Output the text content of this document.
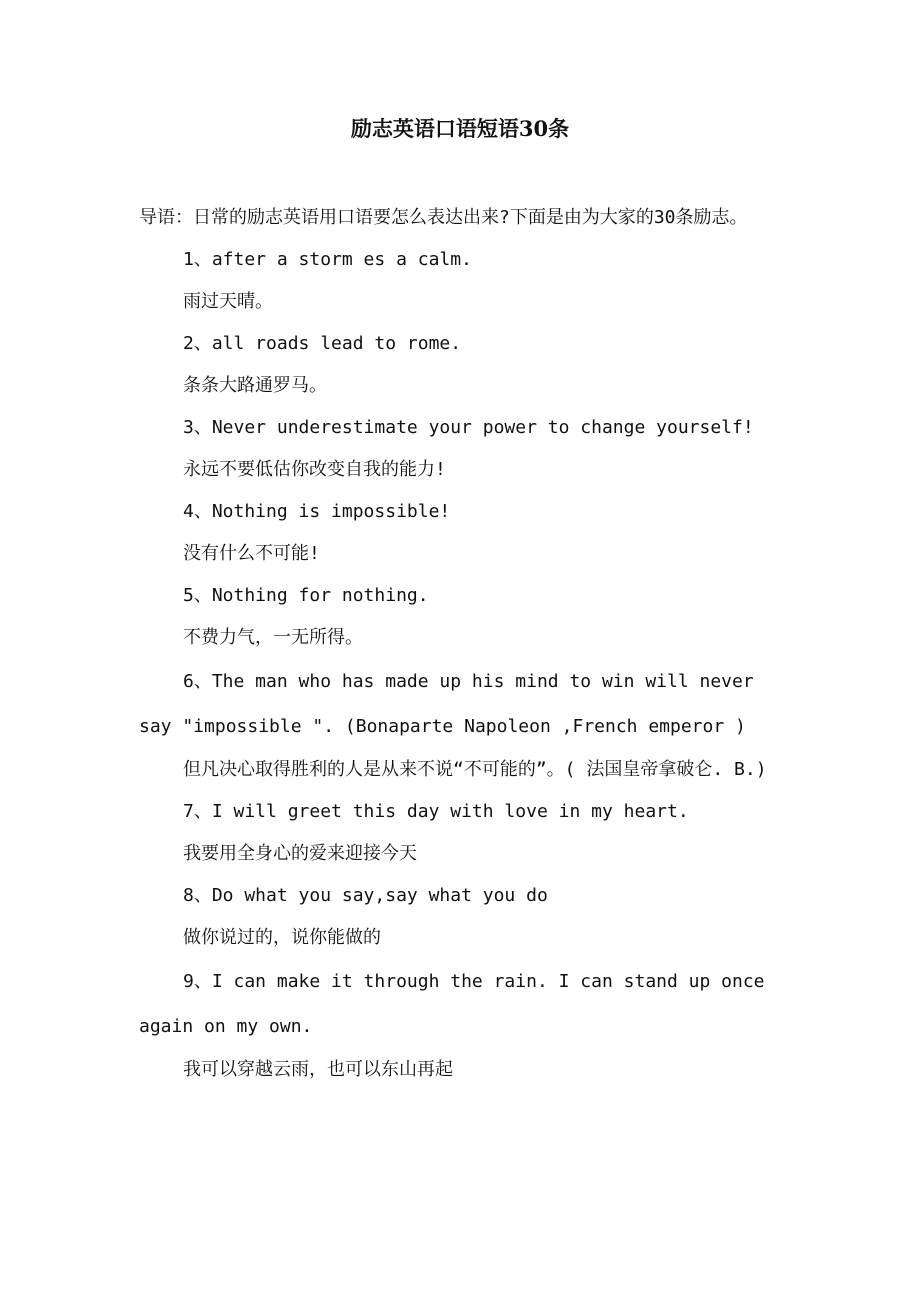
励志英语口语短语30条

导语：日常的励志英语用口语要怎么表达出来?下面是由为大家的30条励志。

1、after a storm es a calm.

雨过天晴。

2、all roads lead to rome.

条条大路通罗马。

3、Never underestimate your power to change yourself!

永远不要低估你改变自我的能力!

4、Nothing is impossible!

没有什么不可能!

5、Nothing for nothing.

不费力气，一无所得。

6、The man who has made up his mind to win will never say "impossible ". (Bonaparte Napoleon ,French emperor )

但凡决心取得胜利的人是从来不说“不可能的”。( 法国皇帝拿破仑. B.)

7、I will greet this day with love in my heart.

我要用全身心的爱来迎接今天

8、Do what you say,say what you do

做你说过的，说你能做的

9、I can make it through the rain. I can stand up once again on my own.

我可以穿越云雨，也可以东山再起
